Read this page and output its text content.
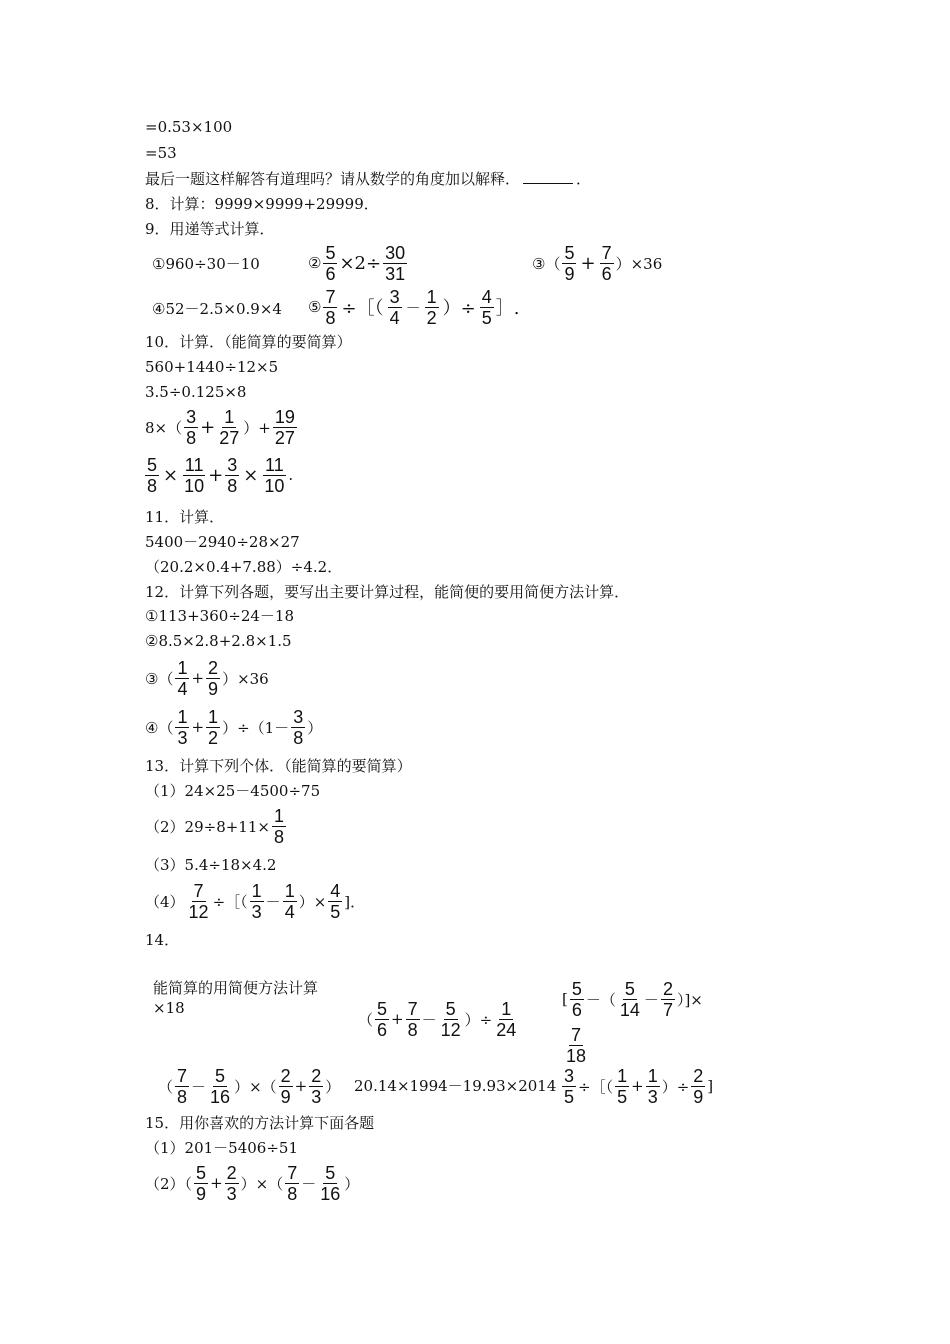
=0.53×100
=53
最后一题这样解答有道理吗？请从数学的角度加以解释．	．
8．计算：9999×9999+29999．
9．用递等式计算．
①960÷30－10	② $\frac{5}{6} \times 2\div \frac{30}{31}$	③（ $\frac{5}{9} + \frac{7}{6} )\times 36$
④52－2.5×0.9×4 ⑤ $\frac{7}{8}$ ÷［（ $\frac{3}{4} - \frac{1}{2}$ ）÷ $\frac{4}{5}$ ］.
10．计算．（能简算的要简算）
560+1440÷12×5
3.5÷0.125×8
$8\times( \frac{3}{8} + \frac{1}{27}$ ）+ $\frac{19}{27}$
$\frac{5}{8} \times \frac{11}{10} + \frac{3}{8} \times \frac{11}{10}$ .
11．计算．
5400－2940÷28×27
（20.2×0.4+7.88）÷4.2．
12．计算下列各题，要写出主要计算过程，能简便的要用简便方法计算．
①113+360÷24－18
②8.5×2.8+2.8×1.5
③（ $\frac{1}{4} + \frac{2}{9} )\times 36$
④（ $\frac{1}{3} + \frac{1}{2} )\div(1- \frac{3}{8}$ ）
13．计算下列个体．（能简算的要简算）
（1）24×25－4500÷75
$(2)29\div 8+11\times \frac{1}{8}$
（3）5.4÷18×4.2
$(4) \frac{7}{12}$ ÷［（ $\frac{1}{3} - \frac{1}{4}$ ）× $\frac{4}{5}$ ]．
14．
能简算的用简便方法计算
×18
（ $\frac{5}{6} + \frac{7}{8} - \frac{5}{12}$ ）÷ $\frac{1}{24}$
[ $\frac{5}{6}$ －（ $\frac{5}{14} - \frac{2}{7}$ ）]×
$\frac{7}{18}$
（ $\frac{7}{8} - \frac{5}{16}$ ）×（ $\frac{2}{9} + \frac{2}{3}$ ） $20.14\times 1994-19.93\times 2014 \frac{3}{5}$ ÷［（ $\frac{1}{5} + \frac{1}{3}$ ）÷ $\frac{2}{9}$ ]
15．用你喜欢的方法计算下面各题
（1）201－5406÷51
$(2)( \frac{5}{9} + \frac{2}{3}$ ）×（ $\frac{7}{8} - \frac{5}{16}$ ）
